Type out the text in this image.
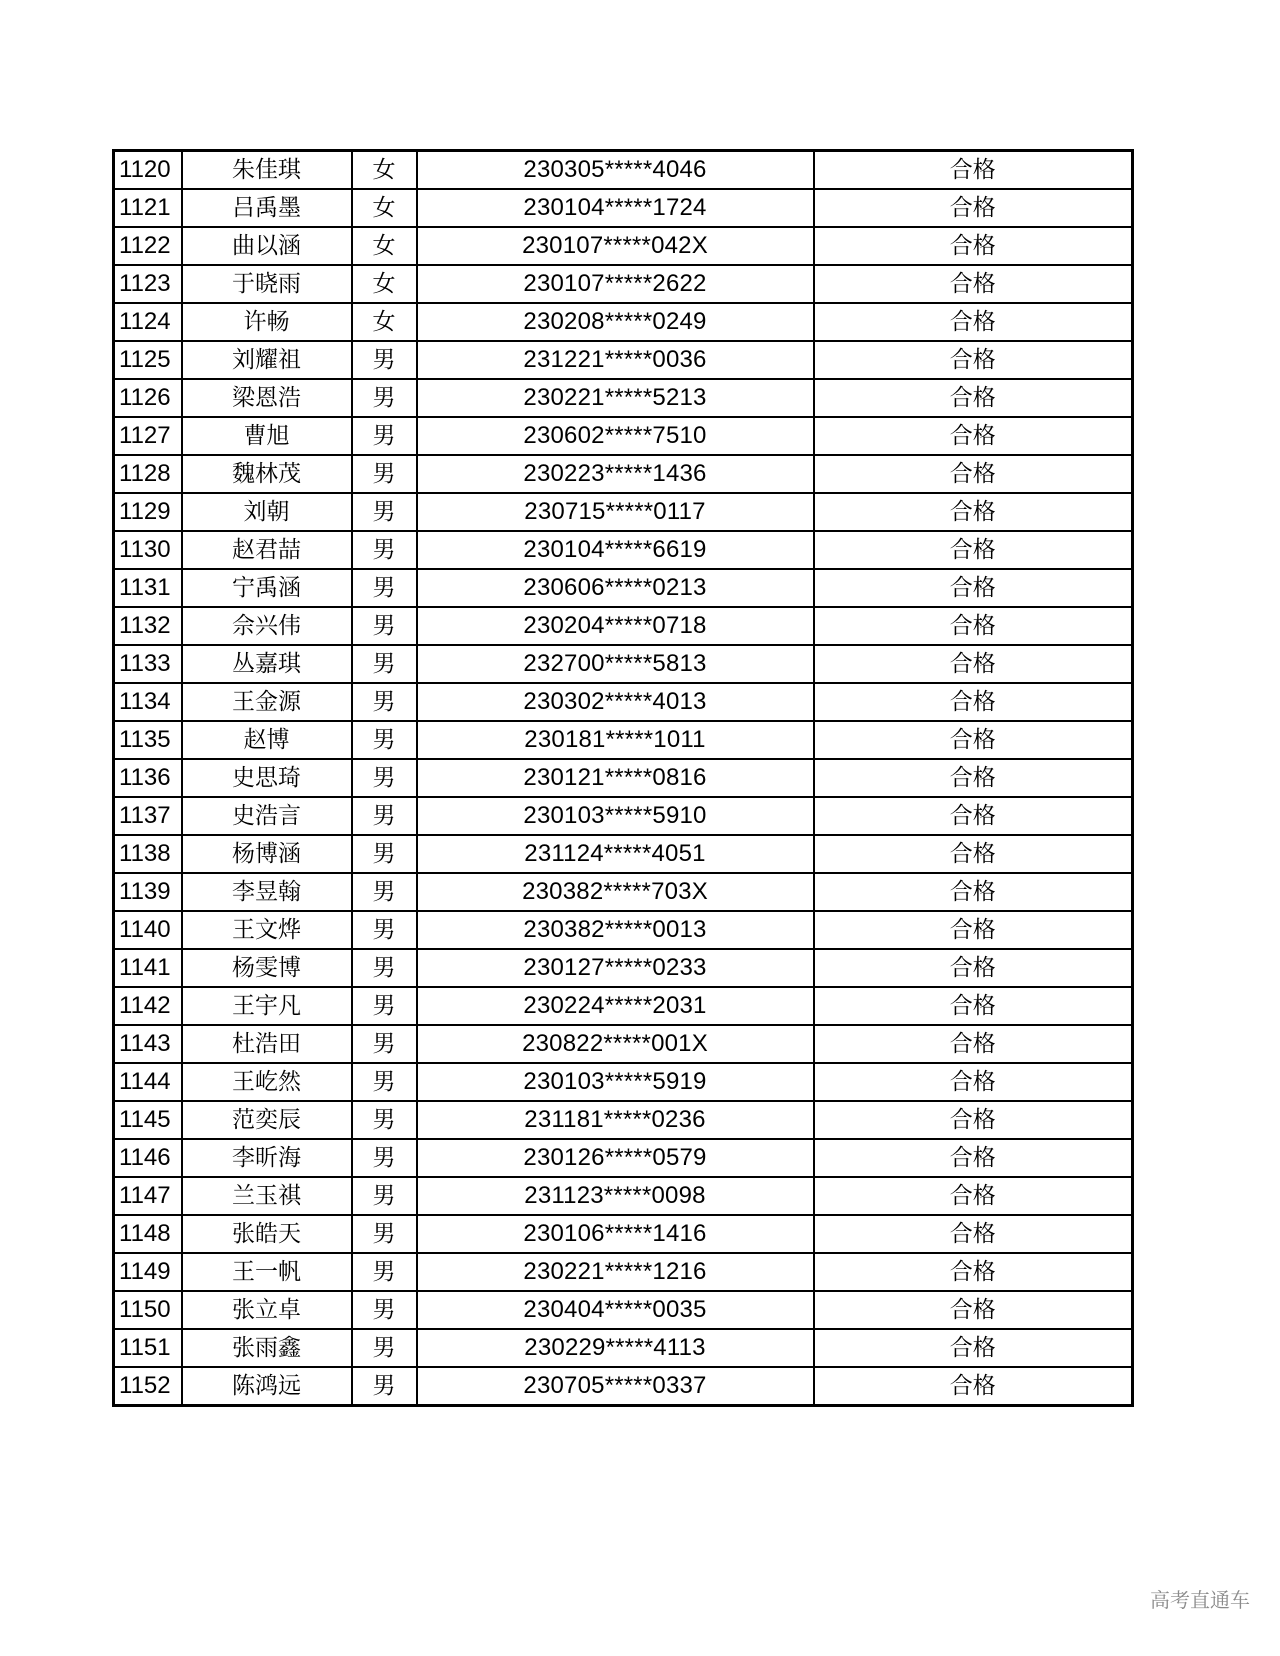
1120	朱佳琪	女	230305*****4046	合格
1121	吕禹墨	女	230104*****1724	合格
1122	曲以涵	女	230107*****042X	合格
1123	于晓雨	女	230107*****2622	合格
1124	许畅	女	230208*****0249	合格
1125	刘耀祖	男	231221*****0036	合格
1126	梁恩浩	男	230221*****5213	合格
1127	曹旭	男	230602*****7510	合格
1128	魏林茂	男	230223*****1436	合格
1129	刘朝	男	230715*****0117	合格
1130	赵君喆	男	230104*****6619	合格
1131	宁禹涵	男	230606*****0213	合格
1132	佘兴伟	男	230204*****0718	合格
1133	丛嘉琪	男	232700*****5813	合格
1134	王金源	男	230302*****4013	合格
1135	赵博	男	230181*****1011	合格
1136	史思琦	男	230121*****0816	合格
1137	史浩言	男	230103*****5910	合格
1138	杨博涵	男	231124*****4051	合格
1139	李昱翰	男	230382*****703X	合格
1140	王文烨	男	230382*****0013	合格
1141	杨雯博	男	230127*****0233	合格
1142	王宇凡	男	230224*****2031	合格
1143	杜浩田	男	230822*****001X	合格
1144	王屹然	男	230103*****5919	合格
1145	范奕辰	男	231181*****0236	合格
1146	李昕海	男	230126*****0579	合格
1147	兰玉祺	男	231123*****0098	合格
1148	张皓天	男	230106*****1416	合格
1149	王一帆	男	230221*****1216	合格
1150	张立卓	男	230404*****0035	合格
1151	张雨鑫	男	230229*****4113	合格
1152	陈鸿远	男	230705*****0337	合格
高考直通车
